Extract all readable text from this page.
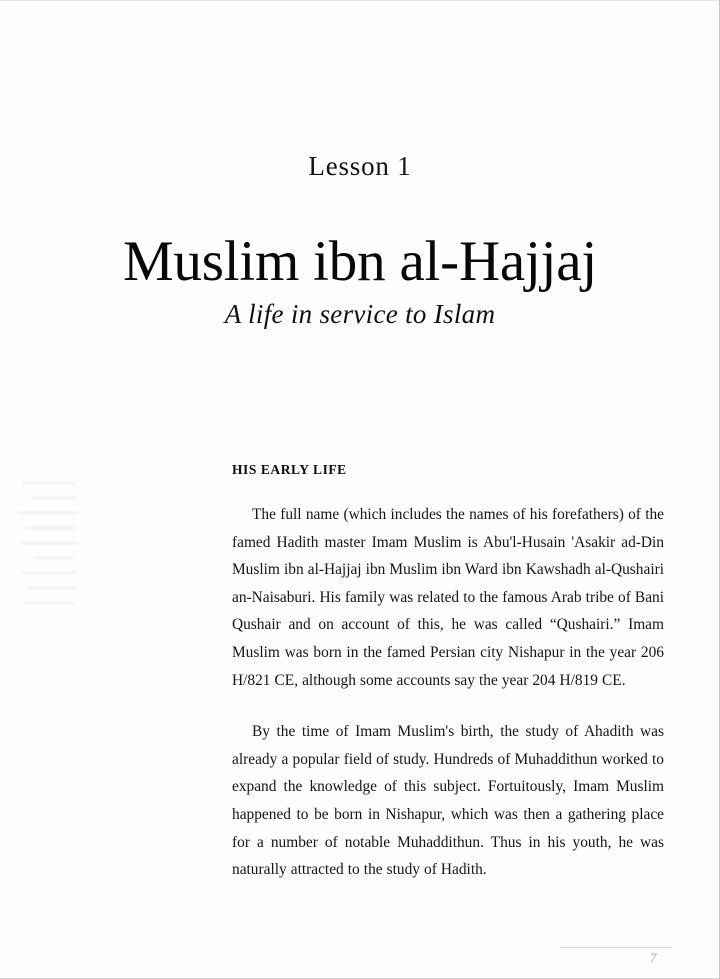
Lesson 1
Muslim ibn al-Hajjaj
A life in service to Islam
HIS EARLY LIFE

The full name (which includes the names of his forefathers) of the famed Hadith master Imam Muslim is Abu'l-Husain 'Asakir ad-Din Muslim ibn al-Hajjaj ibn Muslim ibn Ward ibn Kawshadh al-Qushairi an-Naisaburi. His family was related to the famous Arab tribe of Bani Qushair and on account of this, he was called “Qushairi.” Imam Muslim was born in the famed Persian city Nishapur in the year 206 H/821 CE, although some accounts say the year 204 H/819 CE.

By the time of Imam Muslim's birth, the study of Ahadith was already a popular field of study. Hundreds of Muhaddithun worked to expand the knowledge of this subject. Fortuitously, Imam Muslim happened to be born in Nishapur, which was then a gathering place for a number of notable Muhaddithun. Thus in his youth, he was naturally attracted to the study of Hadith.

7
